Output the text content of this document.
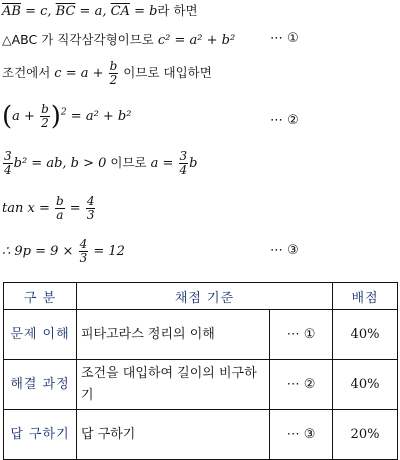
$\overline{AB} = c$, $\overline{BC} = a$, $\overline{CA} = b$라 하면
△ABC 가 직각삼각형이므로 c² = a² + b²	⋯ ①
조건에서 $c = a + \frac{b}{2}$ 이므로 대입하면
$(a + \frac{b}{2} )^2 = a^2 + b^2$	⋯ ②
$\frac{3}{4} b^2$ = ab, b > 0 이므로 $a = \frac{3}{4}$ b
$\tan x = \frac{b}{a} = \frac{4}{3}$
∴ $9p = 9 \times \frac{4}{3} = 12$	⋯ ③
구 분	채점 기준		배점
문제 이해	피타고라스 정리의 이해	⋯ ①	40%
해결 과정	조건을 대입하여 길이의 비구하기	⋯ ②	40%
답 구하기	답 구하기	⋯ ③	20%
